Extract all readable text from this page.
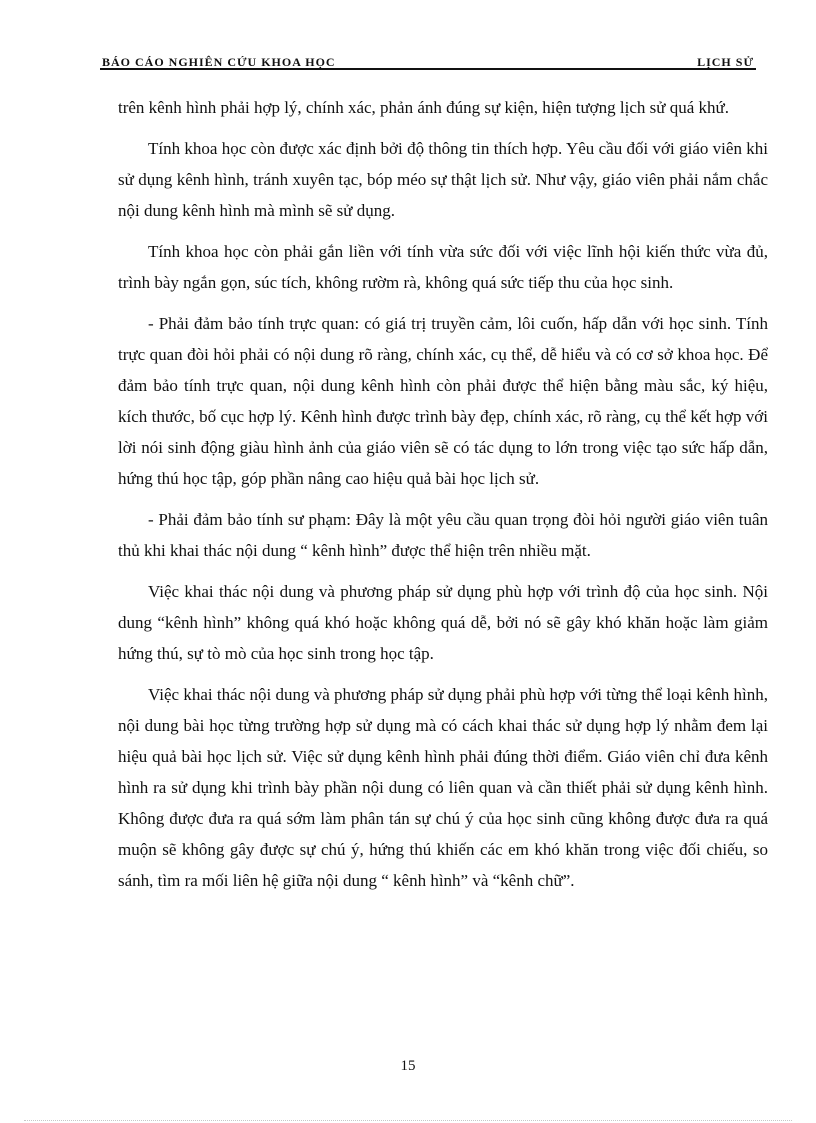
BÁO CÁO NGHIÊN CỨU KHOA HỌC	LỊCH SỬ

trên kênh hình phải hợp lý, chính xác, phản ánh đúng sự kiện, hiện tượng lịch sử quá khứ.

Tính khoa học còn được xác định bởi độ thông tin thích hợp. Yêu cầu đối với giáo viên khi sử dụng kênh hình, tránh xuyên tạc, bóp méo sự thật lịch sử. Như vậy, giáo viên phải nắm chắc nội dung kênh hình mà mình sẽ sử dụng.

Tính khoa học còn phải gắn liền với tính vừa sức đối với việc lĩnh hội kiến thức vừa đủ, trình bày ngắn gọn, súc tích, không rườm rà, không quá sức tiếp thu của học sinh.

- Phải đảm bảo tính trực quan: có giá trị truyền cảm, lôi cuốn, hấp dẫn với học sinh. Tính trực quan đòi hỏi phải có nội dung rõ ràng, chính xác, cụ thể, dễ hiểu và có cơ sở khoa học. Để đảm bảo tính trực quan, nội dung kênh hình còn phải được thể hiện bằng màu sắc, ký hiệu, kích thước, bố cục hợp lý. Kênh hình được trình bày đẹp, chính xác, rõ ràng, cụ thể kết hợp với lời nói sinh động giàu hình ảnh của giáo viên sẽ có tác dụng to lớn trong việc tạo sức hấp dẫn, hứng thú học tập, góp phần nâng cao hiệu quả bài học lịch sử.

- Phải đảm bảo tính sư phạm: Đây là một yêu cầu quan trọng đòi hỏi người giáo viên tuân thủ khi khai thác nội dung “ kênh hình” được thể hiện trên nhiều mặt.

Việc khai thác nội dung và phương pháp sử dụng phù hợp với trình độ của học sinh. Nội dung “kênh hình” không quá khó hoặc không quá dễ, bởi nó sẽ gây khó khăn hoặc làm giảm hứng thú, sự tò mò của học sinh trong học tập.

Việc khai thác nội dung và phương pháp sử dụng phải phù hợp với từng thể loại kênh hình, nội dung bài học từng trường hợp sử dụng mà có cách khai thác sử dụng hợp lý nhằm đem lại hiệu quả bài học lịch sử. Việc sử dụng kênh hình phải đúng thời điểm. Giáo viên chỉ đưa kênh hình ra sử dụng khi trình bày phần nội dung có liên quan và cần thiết phải sử dụng kênh hình. Không được đưa ra quá sớm làm phân tán sự chú ý của học sinh cũng không được đưa ra quá muộn sẽ không gây được sự chú ý, hứng thú khiến các em khó khăn trong việc đối chiếu, so sánh, tìm ra mối liên hệ giữa nội dung “ kênh hình” và “kênh chữ”.

15
